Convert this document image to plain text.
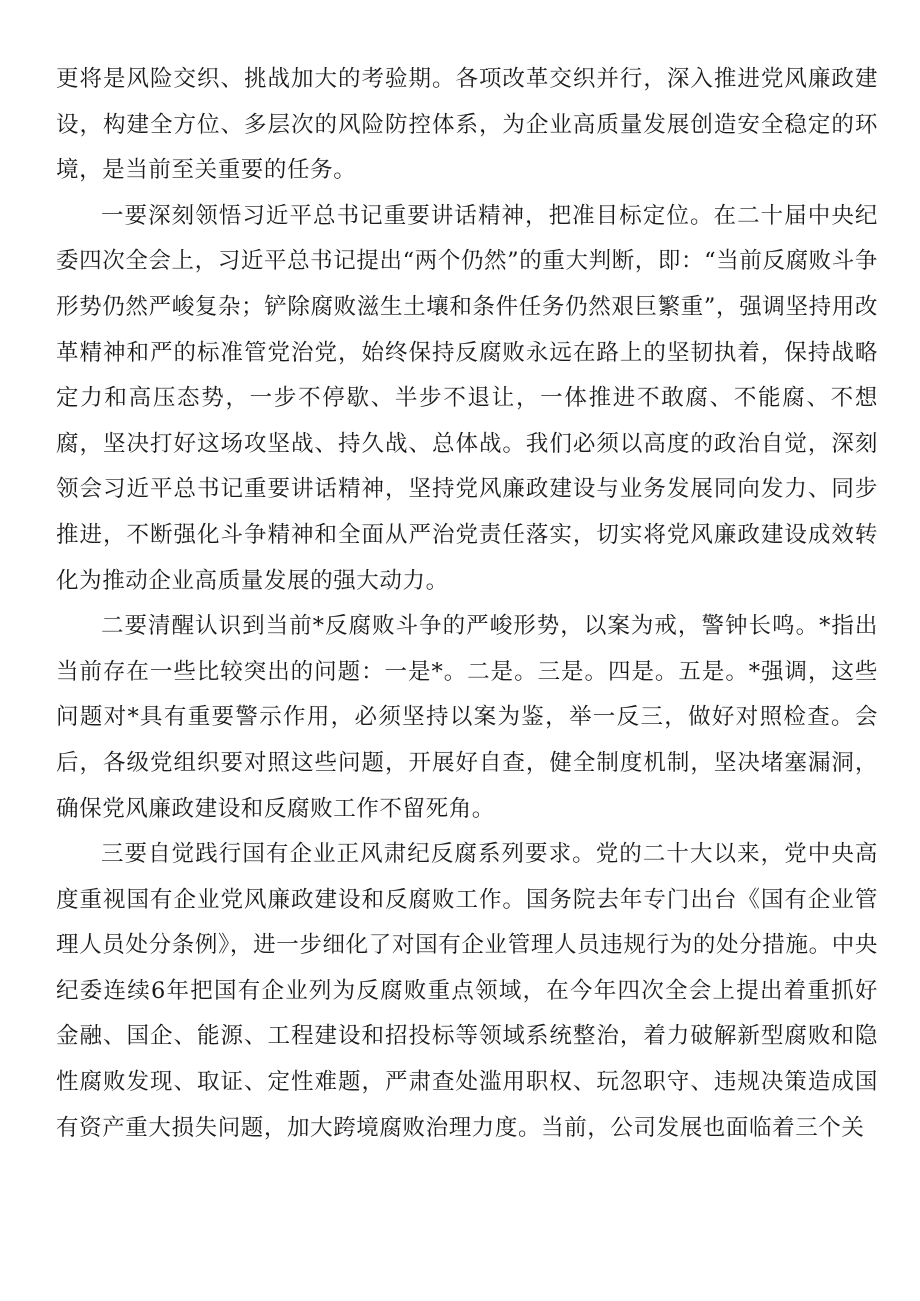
更将是风险交织、挑战加大的考验期。各项改革交织并行，深入推进党风廉政建设，构建全方位、多层次的风险防控体系，为企业高质量发展创造安全稳定的环境，是当前至关重要的任务。

一要深刻领悟习近平总书记重要讲话精神，把准目标定位。在二十届中央纪委四次全会上，习近平总书记提出“两个仍然”的重大判断，即：“当前反腐败斗争形势仍然严峻复杂；铲除腐败滋生土壤和条件任务仍然艰巨繁重”，强调坚持用改革精神和严的标准管党治党，始终保持反腐败永远在路上的坚韧执着，保持战略定力和高压态势，一步不停歇、半步不退让，一体推进不敢腐、不能腐、不想腐，坚决打好这场攻坚战、持久战、总体战。我们必须以高度的政治自觉，深刻领会习近平总书记重要讲话精神，坚持党风廉政建设与业务发展同向发力、同步推进，不断强化斗争精神和全面从严治党责任落实，切实将党风廉政建设成效转化为推动企业高质量发展的强大动力。

二要清醒认识到当前*反腐败斗争的严峻形势，以案为戒，警钟长鸣。*指出当前存在一些比较突出的问题：一是*。二是。三是。四是。五是。*强调，这些问题对*具有重要警示作用，必须坚持以案为鉴，举一反三，做好对照检查。会后，各级党组织要对照这些问题，开展好自查，健全制度机制，坚决堵塞漏洞，确保党风廉政建设和反腐败工作不留死角。

三要自觉践行国有企业正风肃纪反腐系列要求。党的二十大以来，党中央高度重视国有企业党风廉政建设和反腐败工作。国务院去年专门出台《国有企业管理人员处分条例》，进一步细化了对国有企业管理人员违规行为的处分措施。中央纪委连续6年把国有企业列为反腐败重点领域，在今年四次全会上提出着重抓好金融、国企、能源、工程建设和招投标等领域系统整治，着力破解新型腐败和隐性腐败发现、取证、定性难题，严肃查处滥用职权、玩忽职守、违规决策造成国有资产重大损失问题，加大跨境腐败治理力度。当前，公司发展也面临着三个关
